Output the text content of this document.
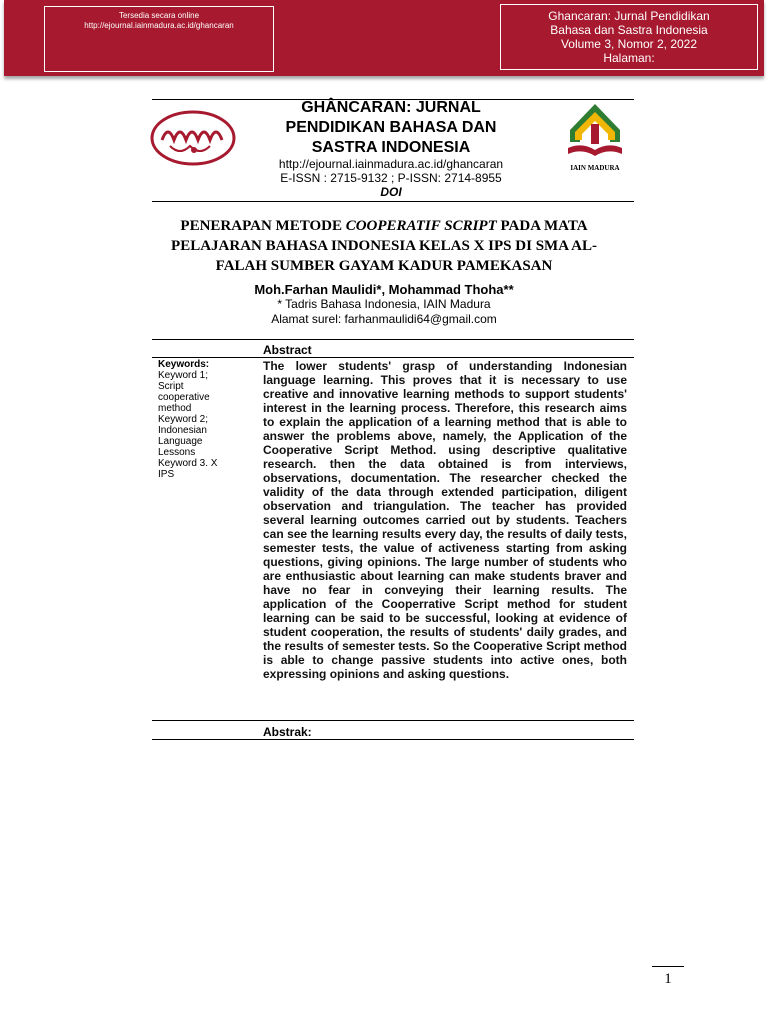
Tersedia secara online
http://ejournal.iainmadura.ac.id/ghancaran
Ghancaran: Jurnal Pendidikan
Bahasa dan Sastra Indonesia
Volume 3, Nomor 2, 2022
Halaman:
GHÂNCARAN: JURNAL
PENDIDIKAN BAHASA DAN
SASTRA INDONESIA
http://ejournal.iainmadura.ac.id/ghancaran
E-ISSN : 2715-9132 ; P-ISSN: 2714-8955
DOI
IAIN MADURA
PENERAPAN METODE COOPERATIF SCRIPT PADA MATA PELAJARAN BAHASA INDONESIA KELAS X IPS DI SMA AL-FALAH SUMBER GAYAM KADUR PAMEKASAN
Moh.Farhan Maulidi*, Mohammad Thoha**
* Tadris Bahasa Indonesia, IAIN Madura
Alamat surel: farhanmaulidi64@gmail.com
Abstract
Keywords:
Keyword 1; Script cooperative method Keyword 2; Indonesian Language Lessons Keyword 3. X IPS
The lower students' grasp of understanding Indonesian language learning. This proves that it is necessary to use creative and innovative learning methods to support students' interest in the learning process. Therefore, this research aims to explain the application of a learning method that is able to answer the problems above, namely, the Application of the Cooperative Script Method. using descriptive qualitative research. then the data obtained is from interviews, observations, documentation. The researcher checked the validity of the data through extended participation, diligent observation and triangulation. The teacher has provided several learning outcomes carried out by students. Teachers can see the learning results every day, the results of daily tests, semester tests, the value of activeness starting from asking questions, giving opinions. The large number of students who are enthusiastic about learning can make students braver and have no fear in conveying their learning results. The application of the Cooperrative Script method for student learning can be said to be successful, looking at evidence of student cooperation, the results of students' daily grades, and the results of semester tests. So the Cooperative Script method is able to change passive students into active ones, both expressing opinions and asking questions.
Abstrak:
1
